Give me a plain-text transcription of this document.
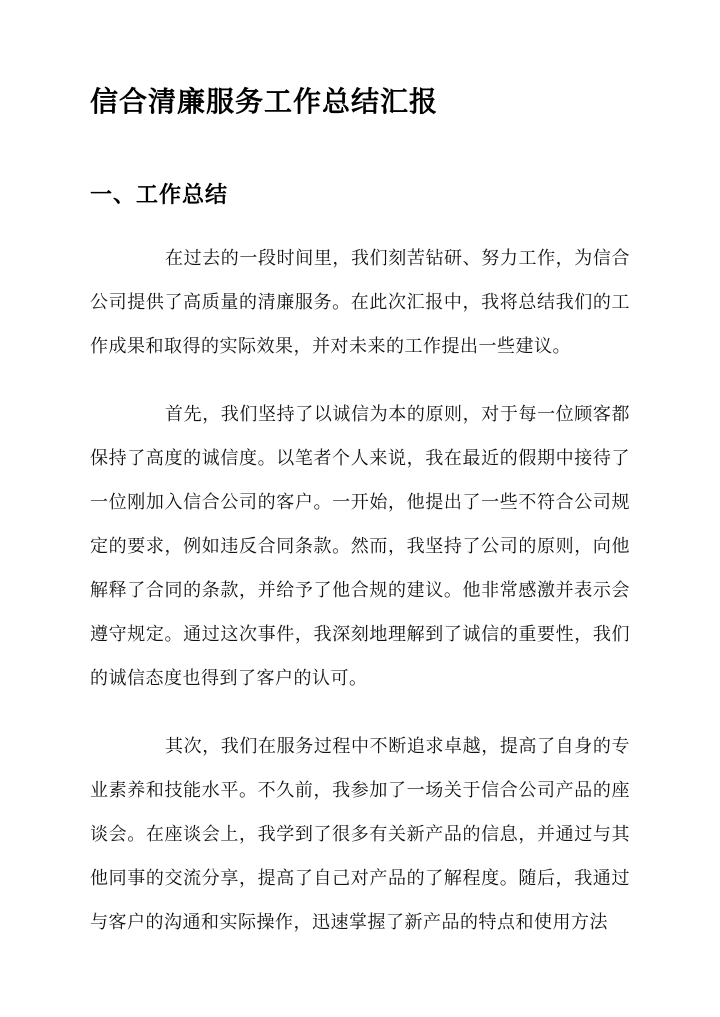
信合清廉服务工作总结汇报
一、工作总结

在过去的一段时间里，我们刻苦钻研、努力工作，为信合公司提供了高质量的清廉服务。在此次汇报中，我将总结我们的工作成果和取得的实际效果，并对未来的工作提出一些建议。

首先，我们坚持了以诚信为本的原则，对于每一位顾客都保持了高度的诚信度。以笔者个人来说，我在最近的假期中接待了一位刚加入信合公司的客户。一开始，他提出了一些不符合公司规定的要求，例如违反合同条款。然而，我坚持了公司的原则，向他解释了合同的条款，并给予了他合规的建议。他非常感激并表示会遵守规定。通过这次事件，我深刻地理解到了诚信的重要性，我们的诚信态度也得到了客户的认可。

其次，我们在服务过程中不断追求卓越，提高了自身的专业素养和技能水平。不久前，我参加了一场关于信合公司产品的座谈会。在座谈会上，我学到了很多有关新产品的信息，并通过与其他同事的交流分享，提高了自己对产品的了解程度。随后，我通过与客户的沟通和实际操作，迅速掌握了新产品的特点和使用方法
